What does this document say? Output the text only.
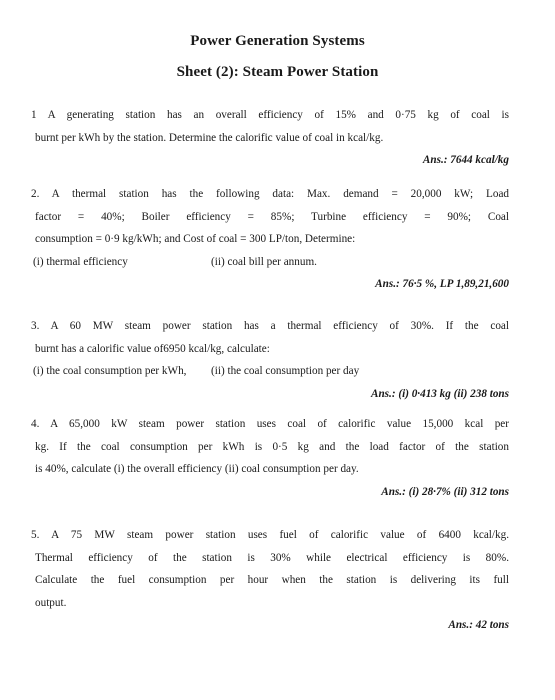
Power Generation Systems
Sheet (2): Steam Power Station

1 A generating station has an overall efficiency of 15% and 0·75 kg of coal is

burnt per kWh by the station. Determine the calorific value of coal in kcal/kg.

Ans.: 7644 kcal/kg

2. A thermal station has the following data: Max. demand = 20,000 kW; Load

factor = 40%; Boiler efficiency = 85%; Turbine efficiency = 90%; Coal

consumption = 0·9 kg/kWh; and Cost of coal = 300 LP/ton, Determine:

(i) thermal efficiency	(ii) coal bill per annum.

Ans.: 76·5 %, LP 1,89,21,600

3. A 60 MW steam power station has a thermal efficiency of 30%. If the coal

burnt has a calorific value of6950 kcal/kg, calculate:

(i) the coal consumption per kWh,	(ii) the coal consumption per day

Ans.: (i) 0·413 kg (ii) 238 tons

4. A 65,000 kW steam power station uses coal of calorific value 15,000 kcal per

kg. If the coal consumption per kWh is 0·5 kg and the load factor of the station

is 40%, calculate (i) the overall efficiency (ii) coal consumption per day.

Ans.: (i) 28·7% (ii) 312 tons

5. A 75 MW steam power station uses fuel of calorific value of 6400 kcal/kg.

Thermal efficiency of the station is 30% while electrical efficiency is 80%.

Calculate the fuel consumption per hour when the station is delivering its full

output.

Ans.: 42 tons
